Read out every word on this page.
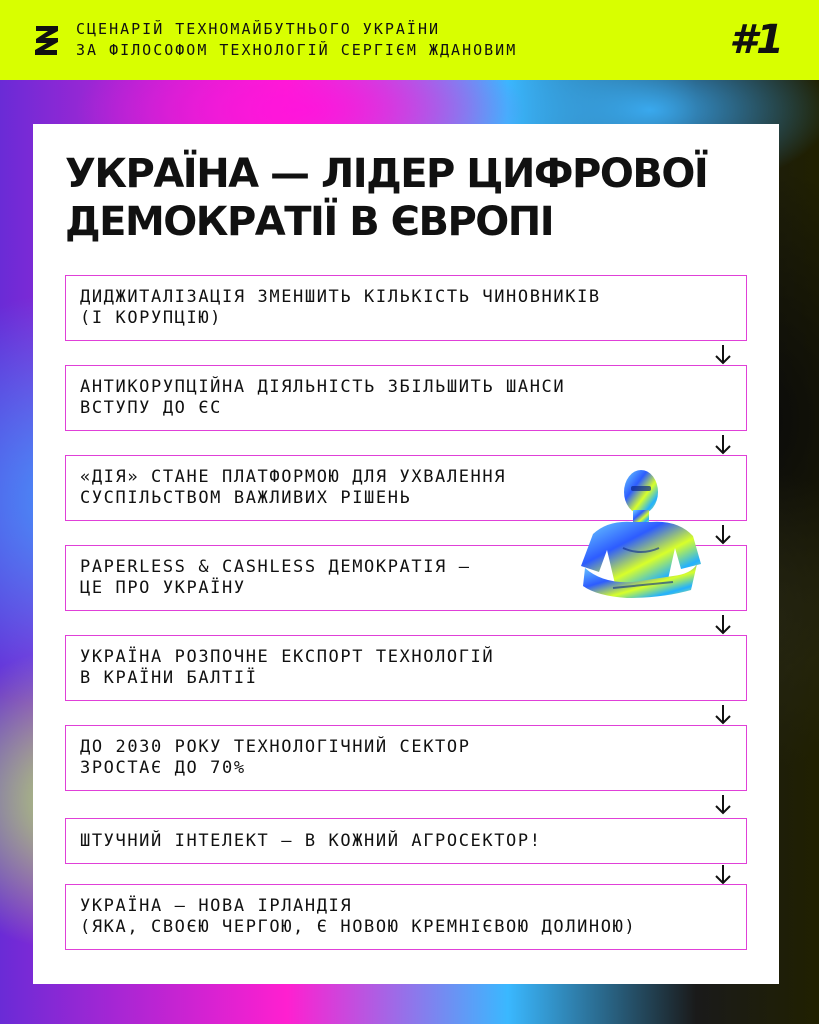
СЦЕНАРІЙ ТЕХНОМАЙБУТНЬОГО УКРАЇНИ
ЗА ФІЛОСОФОМ ТЕХНОЛОГІЙ СЕРГІЄМ ЖДАНОВИМ	#1
УКРАЇНА — ЛІДЕР ЦИФРОВОЇ
ДЕМОКРАТІЇ В ЄВРОПІ
ДИДЖИТАЛІЗАЦІЯ ЗМЕНШИТЬ КІЛЬКІСТЬ ЧИНОВНИКІВ
(І КОРУПЦІЮ)
АНТИКОРУПЦІЙНА ДІЯЛЬНІСТЬ ЗБІЛЬШИТЬ ШАНСИ
ВСТУПУ ДО ЄС
«ДІЯ» СТАНЕ ПЛАТФОРМОЮ ДЛЯ УХВАЛЕННЯ
СУСПІЛЬСТВОМ ВАЖЛИВИХ РІШЕНЬ
PAPERLESS & CASHLESS ДЕМОКРАТІЯ —
ЦЕ ПРО УКРАЇНУ
УКРАЇНА РОЗПОЧНЕ ЕКСПОРТ ТЕХНОЛОГІЙ
В КРАЇНИ БАЛТІЇ
ДО 2030 РОКУ ТЕХНОЛОГІЧНИЙ СЕКТОР
ЗРОСТАЄ ДО 70%
ШТУЧНИЙ ІНТЕЛЕКТ — В КОЖНИЙ АГРОСЕКТОР!
УКРАЇНА — НОВА ІРЛАНДІЯ
(ЯКА, СВОЄЮ ЧЕРГОЮ, Є НОВОЮ КРЕМНІЄВОЮ ДОЛИНОЮ)
